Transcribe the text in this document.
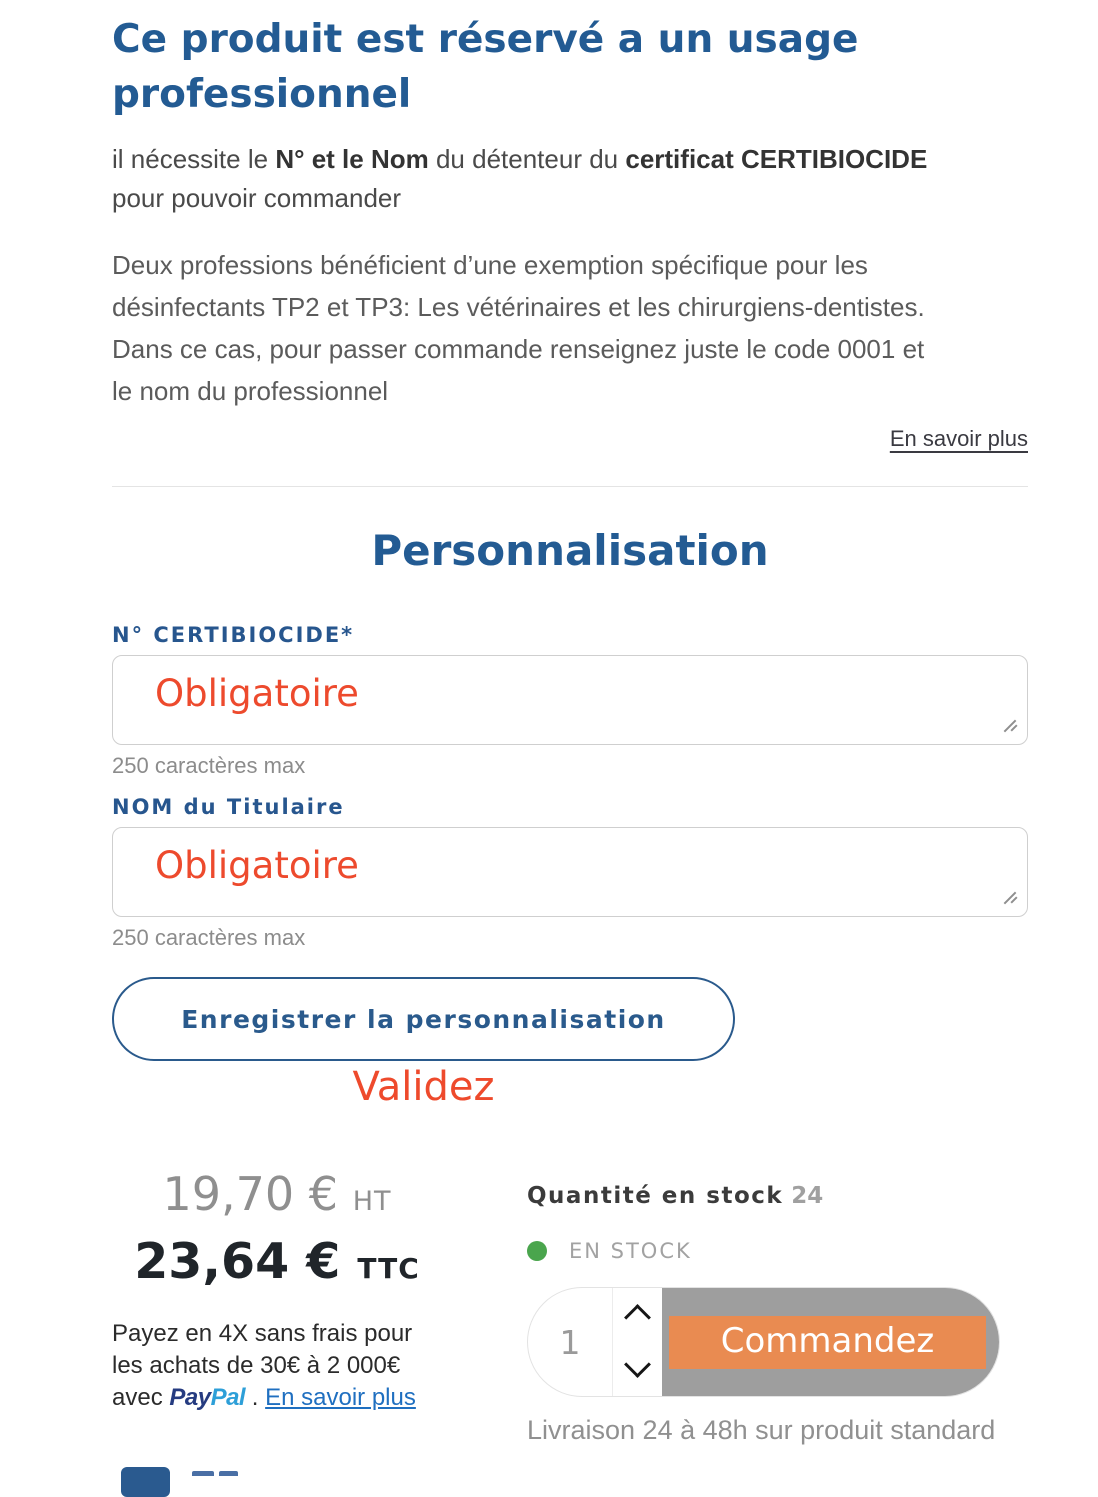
Ce produit est réservé a un usage
professionnel

il nécessite le N° et le Nom du détenteur du certificat CERTIBIOCIDE
pour pouvoir commander

Deux professions bénéficient d’une exemption spécifique pour les
désinfectants TP2 et TP3: Les vétérinaires et les chirurgiens-dentistes.
Dans ce cas, pour passer commande renseignez juste le code 0001 et
le nom du professionnel

En savoir plus
Personnalisation
N° CERTIBIOCIDE*
Obligatoire
250 caractères max
NOM du Titulaire
Obligatoire
250 caractères max
Enregistrer la personnalisation
Validez
19,70 € HT
23,64 € TTC
Payez en 4X sans frais pour
les achats de 30€ à 2 000€
avec PayPal . En savoir plus
Quantité en stock 24
EN STOCK
1	Commandez
Livraison 24 à 48h sur produit standard
